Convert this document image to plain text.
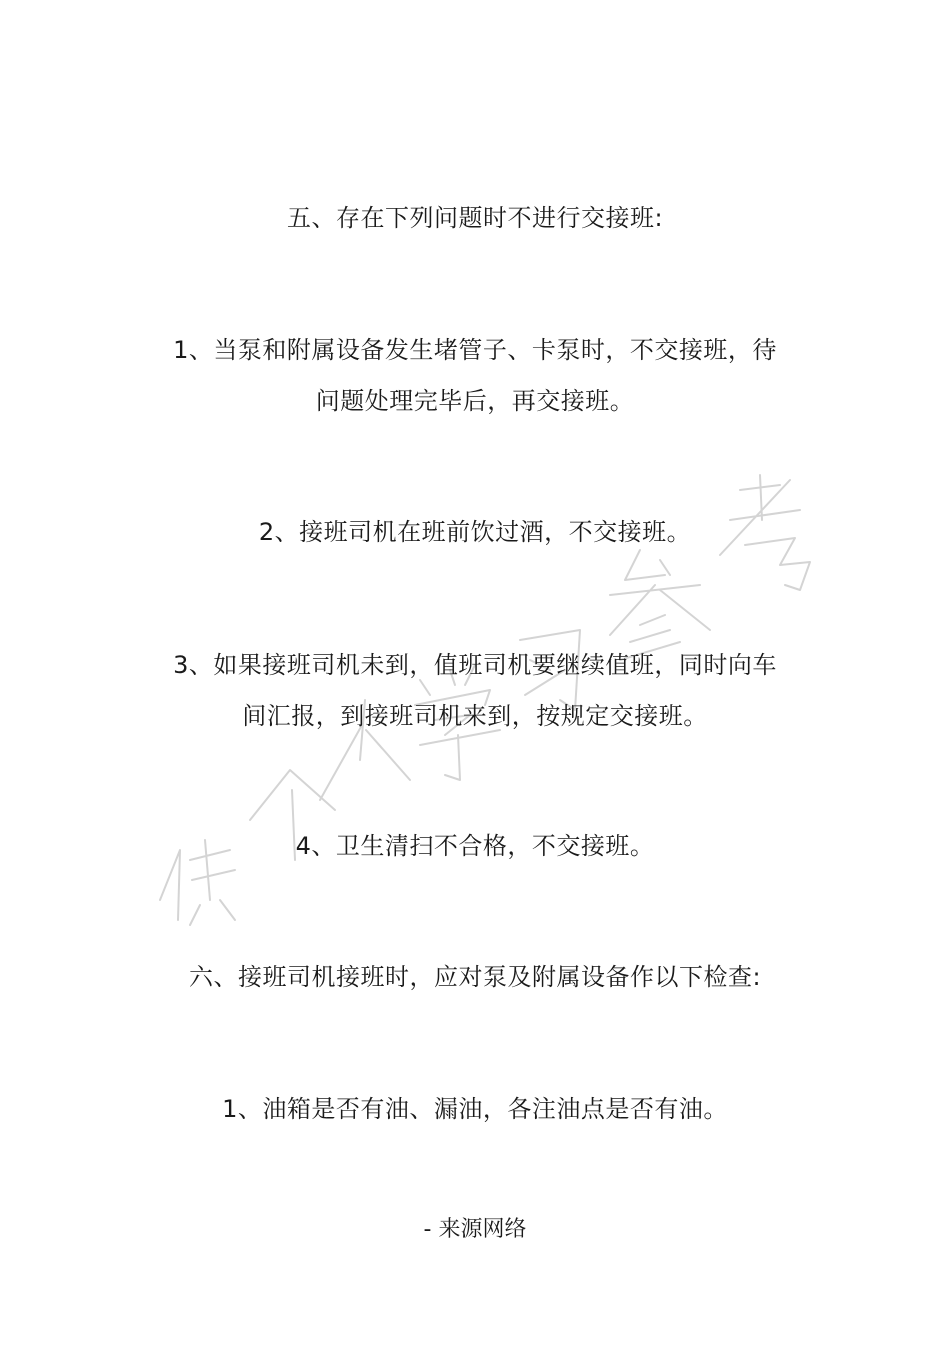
五、存在下列问题时不进行交接班:
1、当泵和附属设备发生堵管子、卡泵时，不交接班，待
问题处理完毕后，再交接班。
2、接班司机在班前饮过酒，不交接班。
3、如果接班司机未到，值班司机要继续值班，同时向车
间汇报，到接班司机来到，按规定交接班。
4、卫生清扫不合格，不交接班。
六、接班司机接班时，应对泵及附属设备作以下检查:
1、油箱是否有油、漏油，各注油点是否有油。
- 来源网络
